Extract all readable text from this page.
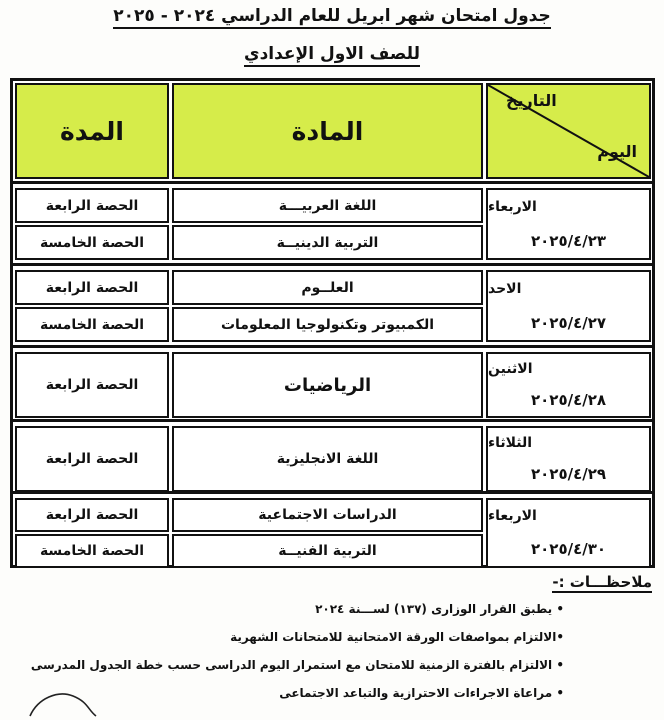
جدول امتحان شهر ابريل للعام الدراسي ٢٠٢٤ - ٢٠٢٥
للصف الاول الإعدادي
التاريخ
اليوم
المادة
المدة
الاربعاء
٢٠٢٥/٤/٢٣
اللغة العربيـــة
التربية الدينيــة
الحصة الرابعة
الحصة الخامسة
الاحد
٢٠٢٥/٤/٢٧
العلــوم
الكمبيوتر وتكنولوجيا المعلومات
الحصة الرابعة
الحصة الخامسة
الاثنين
٢٠٢٥/٤/٢٨
الرياضيات
الحصة الرابعة
الثلاثاء
٢٠٢٥/٤/٢٩
اللغة الانجليزية
الحصة الرابعة
الاربعاء
٢٠٢٥/٤/٣٠
الدراسات الاجتماعية
التربية الفنيــة
الحصة الرابعة
الحصة الخامسة
ملاحظـــات :-
• يطبق القرار الوزارى (١٣٧) لســـنة ٢٠٢٤
•الالتزام بمواصفات الورقة الامتحانية للامتحانات الشهرية
• الالتزام بالفترة الزمنية للامتحان مع استمرار اليوم الدراسى حسب خطة الجدول المدرسى
• مراعاة الاجراءات الاحترازية والتباعد الاجتماعى
